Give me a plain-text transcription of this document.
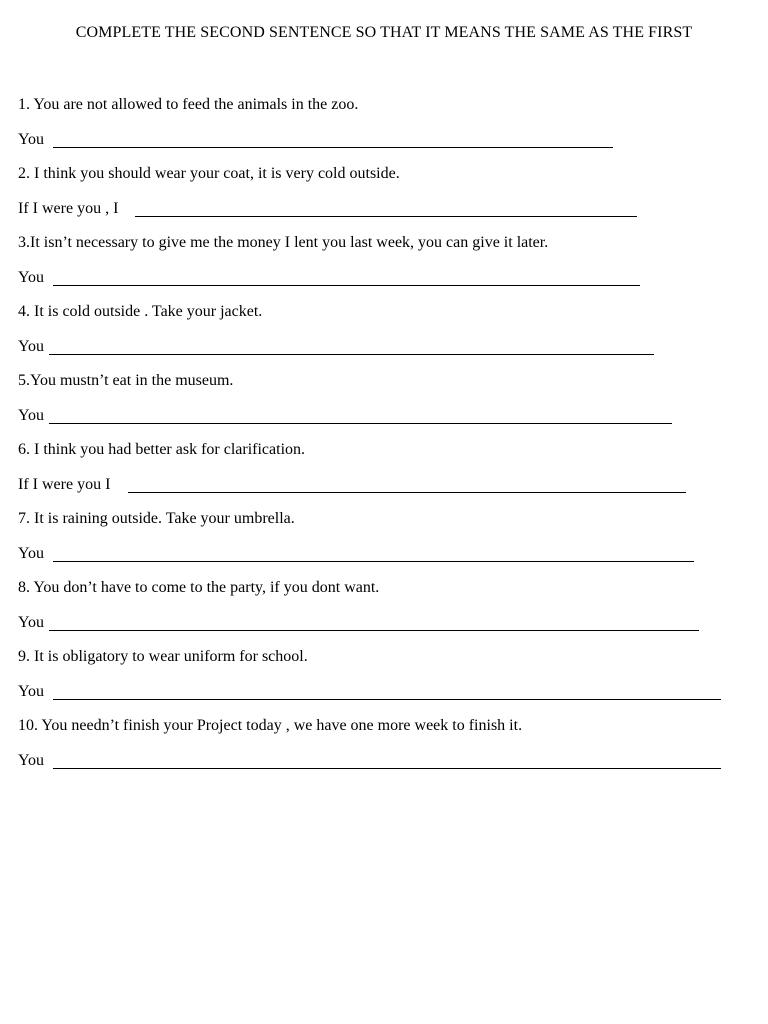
COMPLETE THE SECOND SENTENCE SO THAT IT MEANS THE SAME AS THE FIRST
1. You are not allowed to feed the animals in the zoo.
You
2. I think you should wear your coat, it is very cold outside.
If I were you , I
3.It isn’t necessary to give me the money I lent you last week, you can give it later.
You
4. It is cold outside . Take your jacket.
You
5.You mustn’t eat in the museum.
You
6. I think you had better ask for clarification.
If I were you I
7. It is raining outside. Take your umbrella.
You
8. You don’t have to come to the party, if you dont want.
You
9. It is obligatory to wear uniform for school.
You
10. You needn’t finish your Project today , we have one more week to finish it.
You
